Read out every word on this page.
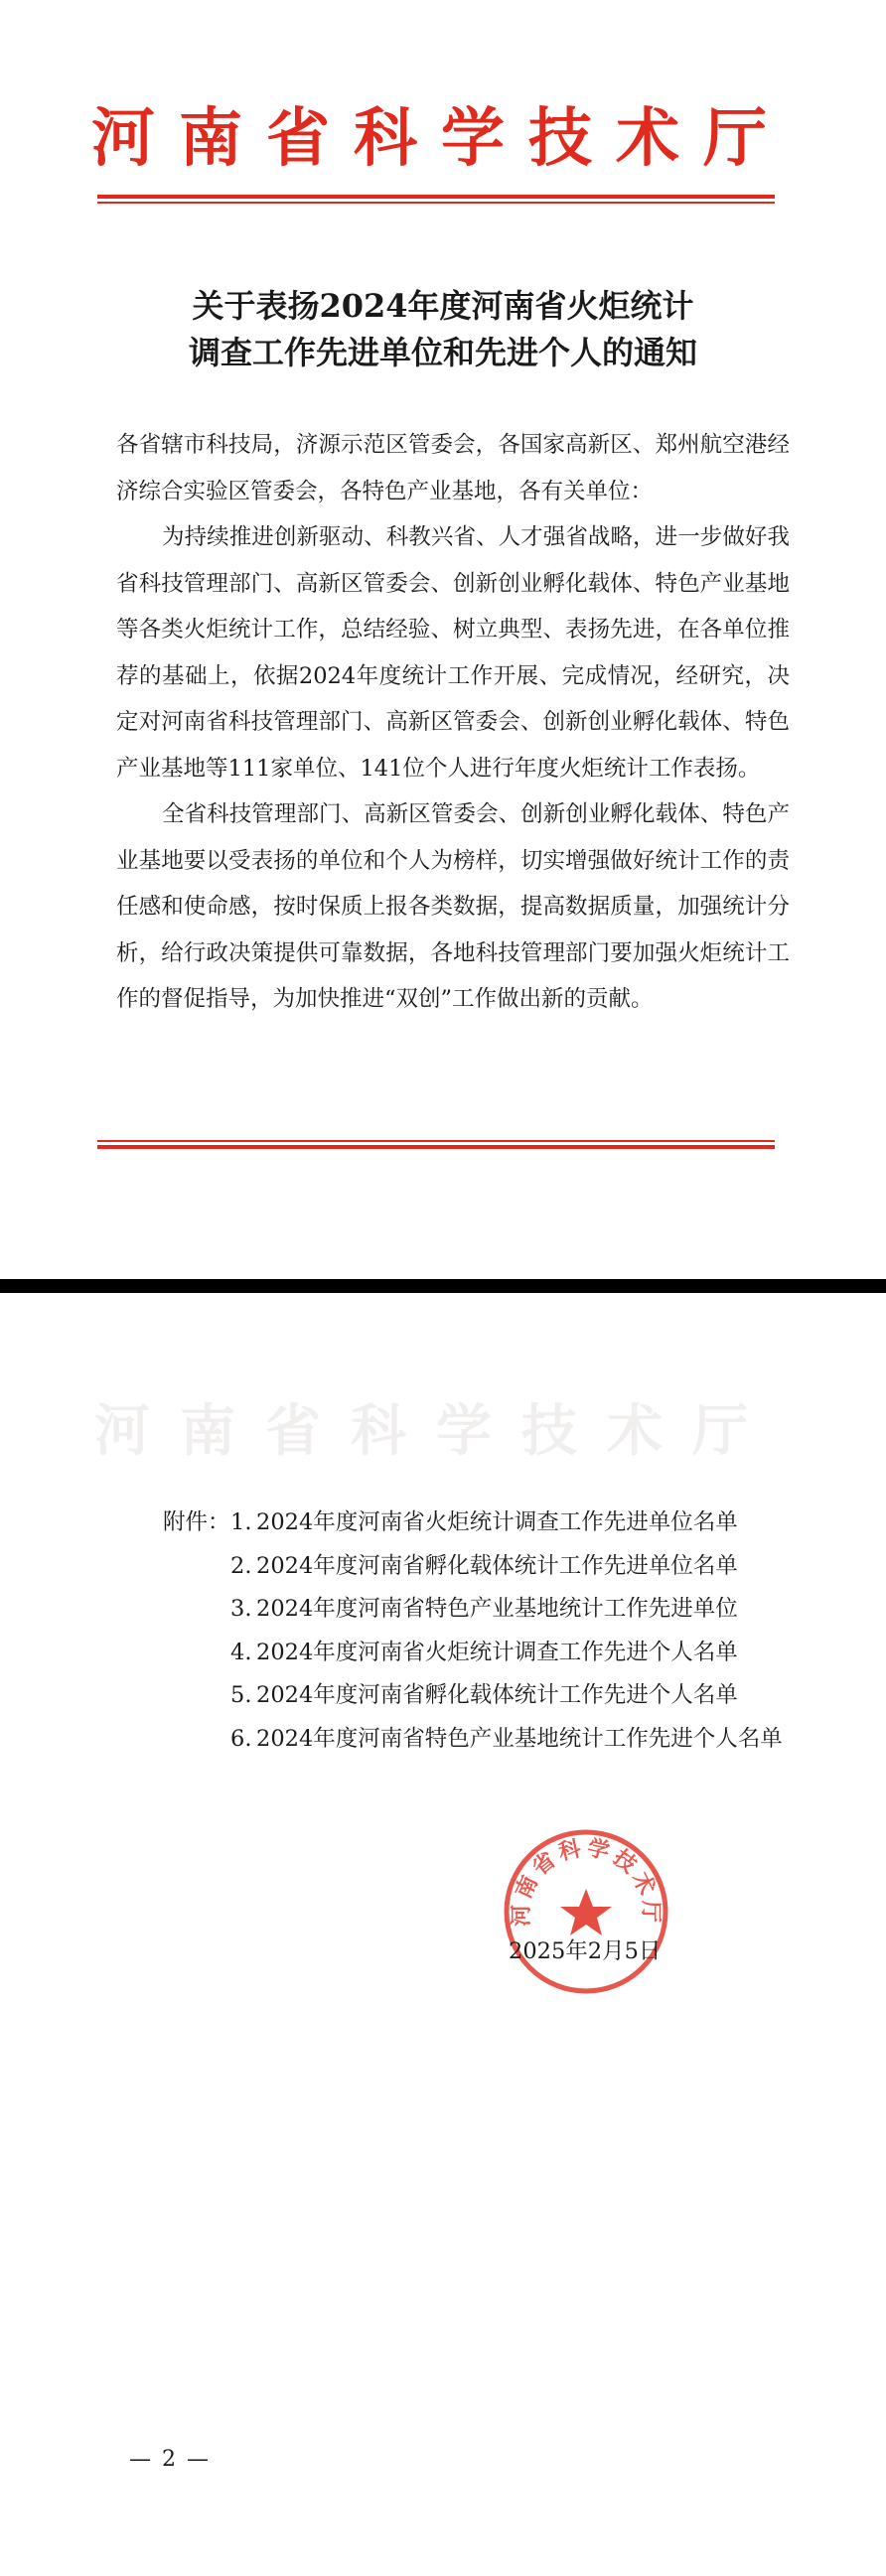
河南省科学技术厅
关于表扬2024年度河南省火炬统计
调查工作先进单位和先进个人的通知

各省辖市科技局，济源示范区管委会，各国家高新区、郑州航空港经济综合实验区管委会，各特色产业基地，各有关单位：

为持续推进创新驱动、科教兴省、人才强省战略，进一步做好我省科技管理部门、高新区管委会、创新创业孵化载体、特色产业基地等各类火炬统计工作，总结经验、树立典型、表扬先进，在各单位推荐的基础上，依据2024年度统计工作开展、完成情况，经研究，决定对河南省科技管理部门、高新区管委会、创新创业孵化载体、特色产业基地等111家单位、141位个人进行年度火炬统计工作表扬。

全省科技管理部门、高新区管委会、创新创业孵化载体、特色产业基地要以受表扬的单位和个人为榜样，切实增强做好统计工作的责任感和使命感，按时保质上报各类数据，提高数据质量，加强统计分析，给行政决策提供可靠数据，各地科技管理部门要加强火炬统计工作的督促指导，为加快推进“双创”工作做出新的贡献。

河南省科学技术厅
附件： 1. 2024年度河南省火炬统计调查工作先进单位名单
2. 2024年度河南省孵化载体统计工作先进单位名单
3. 2024年度河南省特色产业基地统计工作先进单位
4. 2024年度河南省火炬统计调查工作先进个人名单
5. 2024年度河南省孵化载体统计工作先进个人名单
6. 2024年度河南省特色产业基地统计工作先进个人名单
河南省科学技术厅
2025年2月5日
— 2 —
